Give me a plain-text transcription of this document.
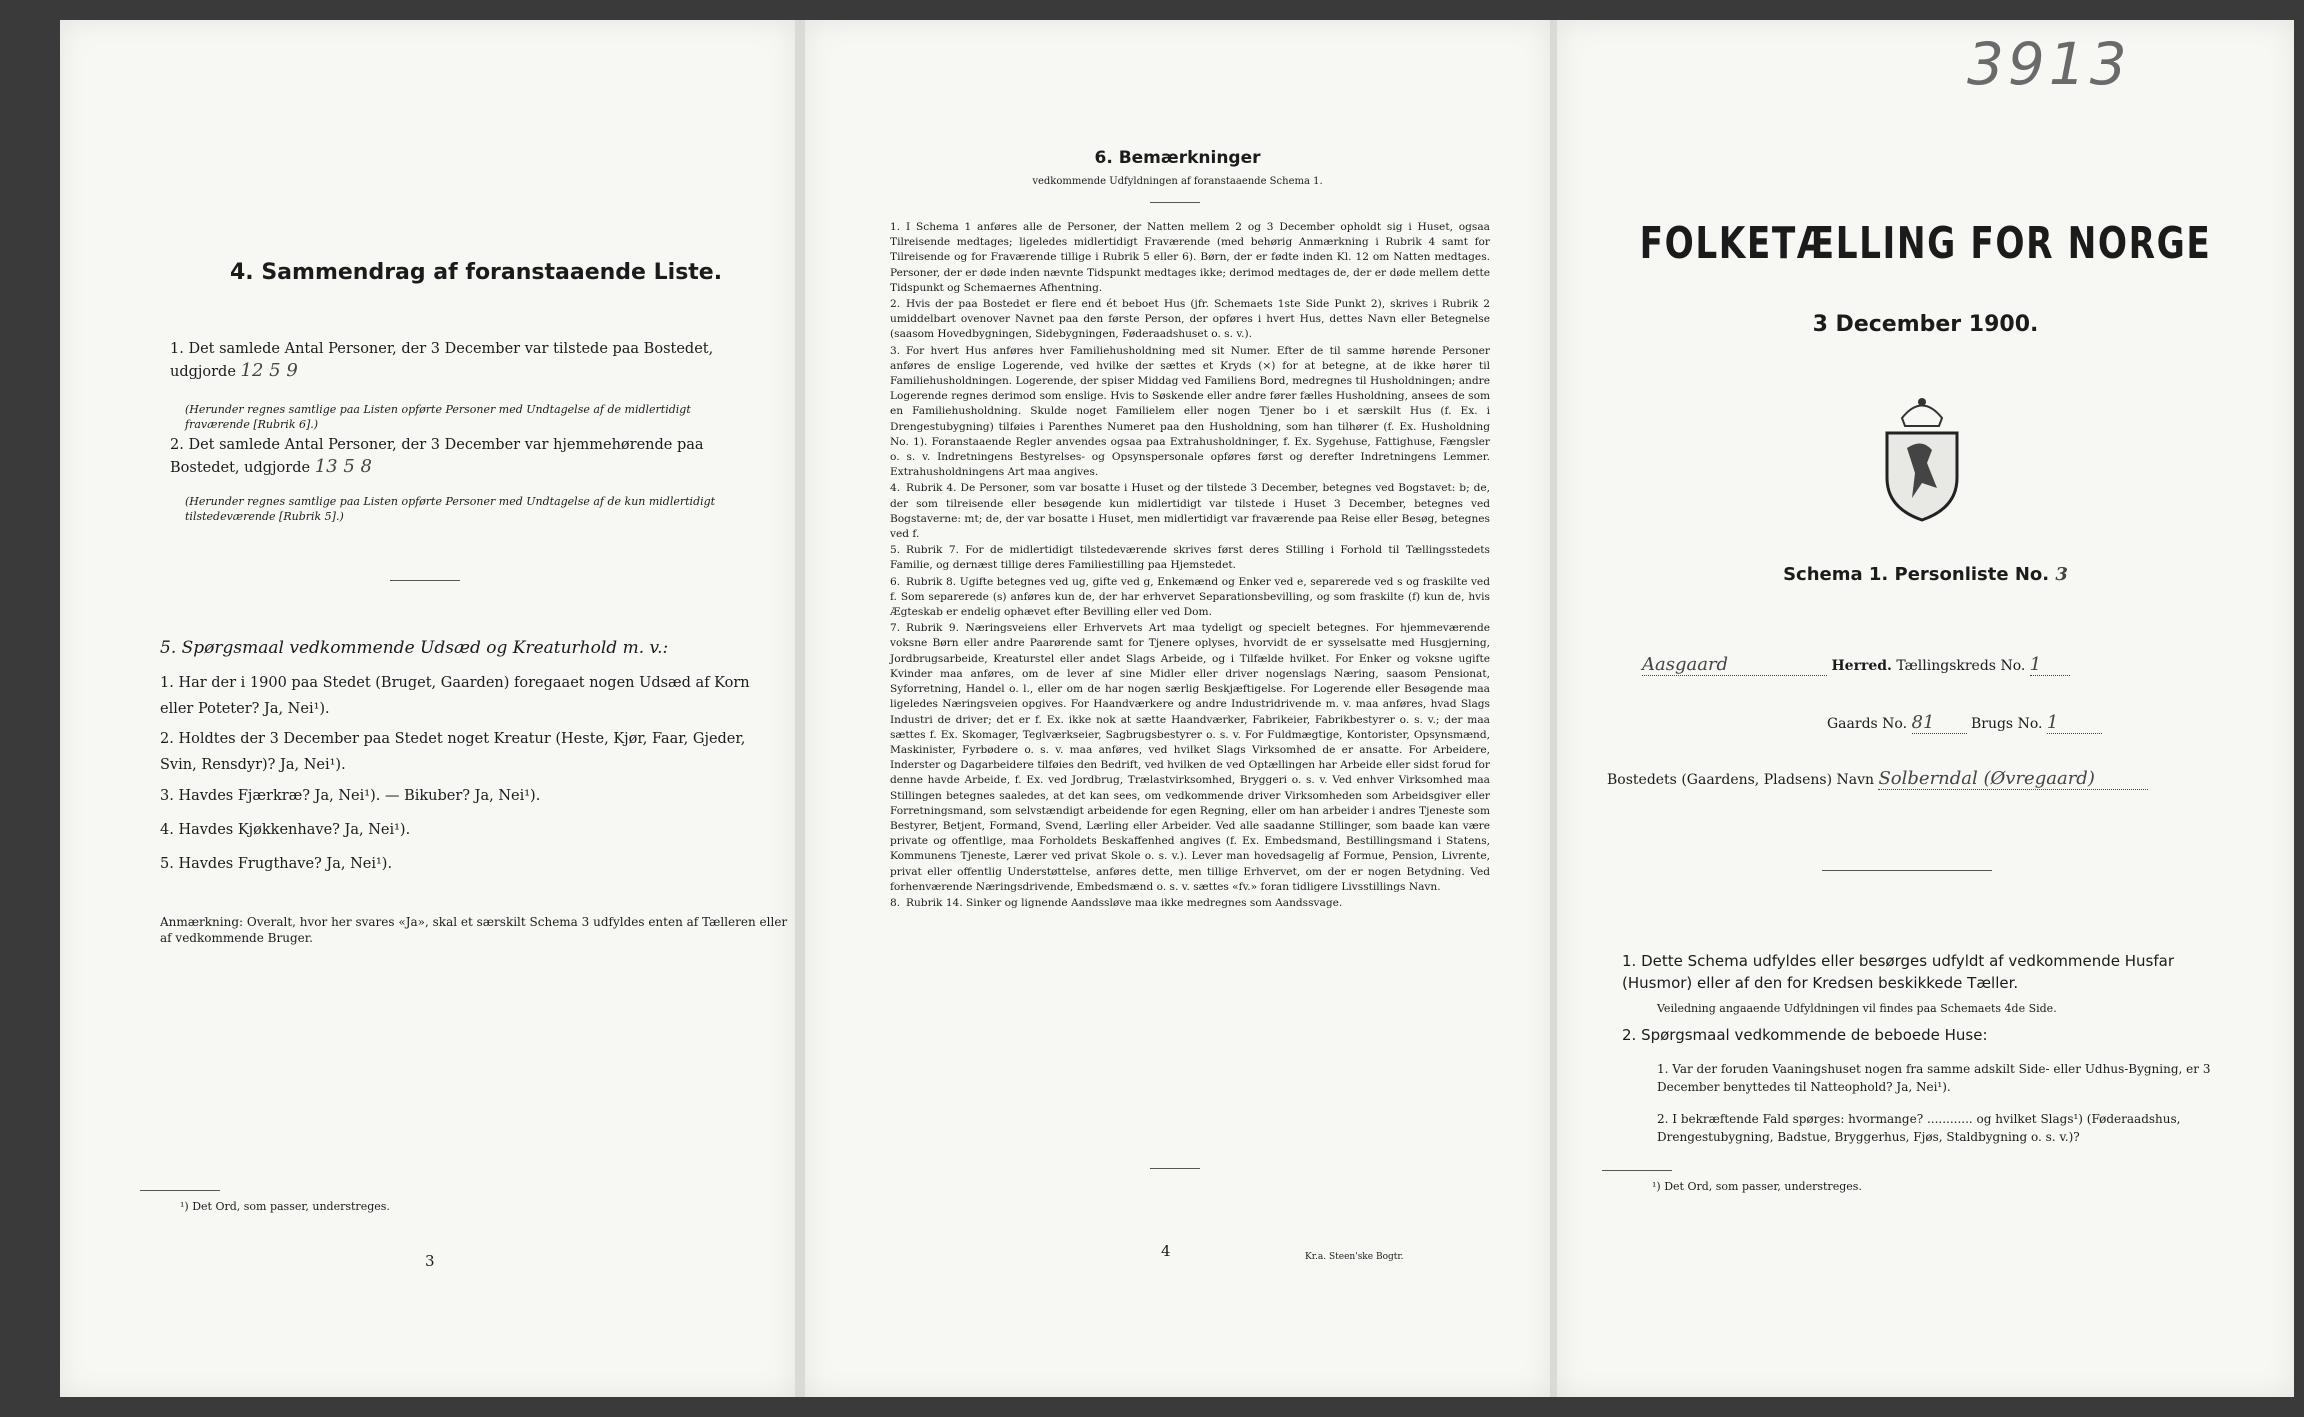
4. Sammendrag af foranstaaende Liste.
1. Det samlede Antal Personer, der 3 December var tilstede paa Bostedet, udgjorde 12 5 9
(Herunder regnes samtlige paa Listen opførte Personer med Undtagelse af de midlertidigt fraværende [Rubrik 6].)
2. Det samlede Antal Personer, der 3 December var hjemmehørende paa Bostedet, udgjorde 13 5 8
(Herunder regnes samtlige paa Listen opførte Personer med Undtagelse af de kun midlertidigt tilstedeværende [Rubrik 5].)
5. Spørgsmaal vedkommende Udsæd og Kreaturhold m. v.:
1. Har der i 1900 paa Stedet (Bruget, Gaarden) foregaaet nogen Udsæd af Korn eller Poteter? Ja, Nei¹).
2. Holdtes der 3 December paa Stedet noget Kreatur (Heste, Kjør, Faar, Gjeder, Svin, Rensdyr)? Ja, Nei¹).
3. Havdes Fjærkræ? Ja, Nei¹). — Bikuber? Ja, Nei¹).
4. Havdes Kjøkkenhave? Ja, Nei¹).
5. Havdes Frugthave? Ja, Nei¹).
Anmærkning: Overalt, hvor her svares «Ja», skal et særskilt Schema 3 udfyldes enten af Tælleren eller af vedkommende Bruger.
¹) Det Ord, som passer, understreges.
3
6. Bemærkninger
vedkommende Udfyldningen af foranstaaende Schema 1.

1. I Schema 1 anføres alle de Personer, der Natten mellem 2 og 3 December opholdt sig i Huset, ogsaa Tilreisende medtages; ligeledes midlertidigt Fraværende (med behørig Anmærkning i Rubrik 4 samt for Tilreisende og for Fraværende tillige i Rubrik 5 eller 6). Børn, der er fødte inden Kl. 12 om Natten medtages. Personer, der er døde inden nævnte Tidspunkt medtages ikke; derimod medtages de, der er døde mellem dette Tidspunkt og Schemaernes Afhentning.

2. Hvis der paa Bostedet er flere end ét beboet Hus (jfr. Schemaets 1ste Side Punkt 2), skrives i Rubrik 2 umiddelbart ovenover Navnet paa den første Person, der opføres i hvert Hus, dettes Navn eller Betegnelse (saasom Hovedbygningen, Sidebygningen, Føderaadshuset o. s. v.).

3. For hvert Hus anføres hver Familiehusholdning med sit Numer. Efter de til samme hørende Personer anføres de enslige Logerende, ved hvilke der sættes et Kryds (×) for at betegne, at de ikke hører til Familiehusholdningen. Logerende, der spiser Middag ved Familiens Bord, medregnes til Husholdningen; andre Logerende regnes derimod som enslige. Hvis to Søskende eller andre fører fælles Husholdning, ansees de som en Familiehusholdning. Skulde noget Familielem eller nogen Tjener bo i et særskilt Hus (f. Ex. i Drengestubygning) tilføies i Parenthes Numeret paa den Husholdning, som han tilhører (f. Ex. Husholdning No. 1). Foranstaaende Regler anvendes ogsaa paa Extrahusholdninger, f. Ex. Sygehuse, Fattighuse, Fængsler o. s. v. Indretningens Bestyrelses- og Opsynspersonale opføres først og derefter Indretningens Lemmer. Extrahusholdningens Art maa angives.

4. Rubrik 4. De Personer, som var bosatte i Huset og der tilstede 3 December, betegnes ved Bogstavet: b; de, der som tilreisende eller besøgende kun midlertidigt var tilstede i Huset 3 December, betegnes ved Bogstaverne: mt; de, der var bosatte i Huset, men midlertidigt var fraværende paa Reise eller Besøg, betegnes ved f.

5. Rubrik 7. For de midlertidigt tilstedeværende skrives først deres Stilling i Forhold til Tællingsstedets Familie, og dernæst tillige deres Familiestilling paa Hjemstedet.

6. Rubrik 8. Ugifte betegnes ved ug, gifte ved g, Enkemænd og Enker ved e, separerede ved s og fraskilte ved f. Som separerede (s) anføres kun de, der har erhvervet Separationsbevilling, og som fraskilte (f) kun de, hvis Ægteskab er endelig ophævet efter Bevilling eller ved Dom.

7. Rubrik 9. Næringsveiens eller Erhvervets Art maa tydeligt og specielt betegnes. For hjemmeværende voksne Børn eller andre Paarørende samt for Tjenere oplyses, hvorvidt de er sysselsatte med Husgjerning, Jordbrugsarbeide, Kreaturstel eller andet Slags Arbeide, og i Tilfælde hvilket. For Enker og voksne ugifte Kvinder maa anføres, om de lever af sine Midler eller driver nogenslags Næring, saasom Pensionat, Syforretning, Handel o. l., eller om de har nogen særlig Beskjæftigelse. For Logerende eller Besøgende maa ligeledes Næringsveien opgives. For Haandværkere og andre Industridrivende m. v. maa anføres, hvad Slags Industri de driver; det er f. Ex. ikke nok at sætte Haandværker, Fabrikeier, Fabrikbestyrer o. s. v.; der maa sættes f. Ex. Skomager, Teglværkseier, Sagbrugsbestyrer o. s. v. For Fuldmægtige, Kontorister, Opsynsmænd, Maskinister, Fyrbødere o. s. v. maa anføres, ved hvilket Slags Virksomhed de er ansatte. For Arbeidere, Inderster og Dagarbeidere tilføies den Bedrift, ved hvilken de ved Optællingen har Arbeide eller sidst forud for denne havde Arbeide, f. Ex. ved Jordbrug, Trælastvirksomhed, Bryggeri o. s. v. Ved enhver Virksomhed maa Stillingen betegnes saaledes, at det kan sees, om vedkommende driver Virksomheden som Arbeidsgiver eller Forretningsmand, som selvstændigt arbeidende for egen Regning, eller om han arbeider i andres Tjeneste som Bestyrer, Betjent, Formand, Svend, Lærling eller Arbeider. Ved alle saadanne Stillinger, som baade kan være private og offentlige, maa Forholdets Beskaffenhed angives (f. Ex. Embedsmand, Bestillingsmand i Statens, Kommunens Tjeneste, Lærer ved privat Skole o. s. v.). Lever man hovedsagelig af Formue, Pension, Livrente, privat eller offentlig Understøttelse, anføres dette, men tillige Erhvervet, om der er nogen Betydning. Ved forhenværende Næringsdrivende, Embedsmænd o. s. v. sættes «fv.» foran tidligere Livsstillings Navn.

8. Rubrik 14. Sinker og lignende Aandssløve maa ikke medregnes som Aandssvage.

4	Kr.a. Steen'ske Bogtr.
3913
FOLKETÆLLING FOR NORGE
3 December 1900.
Schema 1. Personliste No. 3
Aasgaard	Herred. Tællingskreds No. 1
Gaards No. 81	Brugs No. 1
Bostedets (Gaardens, Pladsens) Navn Solberndal (Øvregaard)
1. Dette Schema udfyldes eller besørges udfyldt af vedkommende Husfar (Husmor) eller af den for Kredsen beskikkede Tæller.
Veiledning angaaende Udfyldningen vil findes paa Schemaets 4de Side.
2. Spørgsmaal vedkommende de beboede Huse:
1. Var der foruden Vaaningshuset nogen fra samme adskilt Side- eller Udhus-Bygning, er 3 December benyttedes til Natteophold? Ja, Nei¹).
2. I bekræftende Fald spørges: hvormange? ............ og hvilket Slags¹) (Føderaadshus, Drengestubygning, Badstue, Bryggerhus, Fjøs, Staldbygning o. s. v.)?
¹) Det Ord, som passer, understreges.
